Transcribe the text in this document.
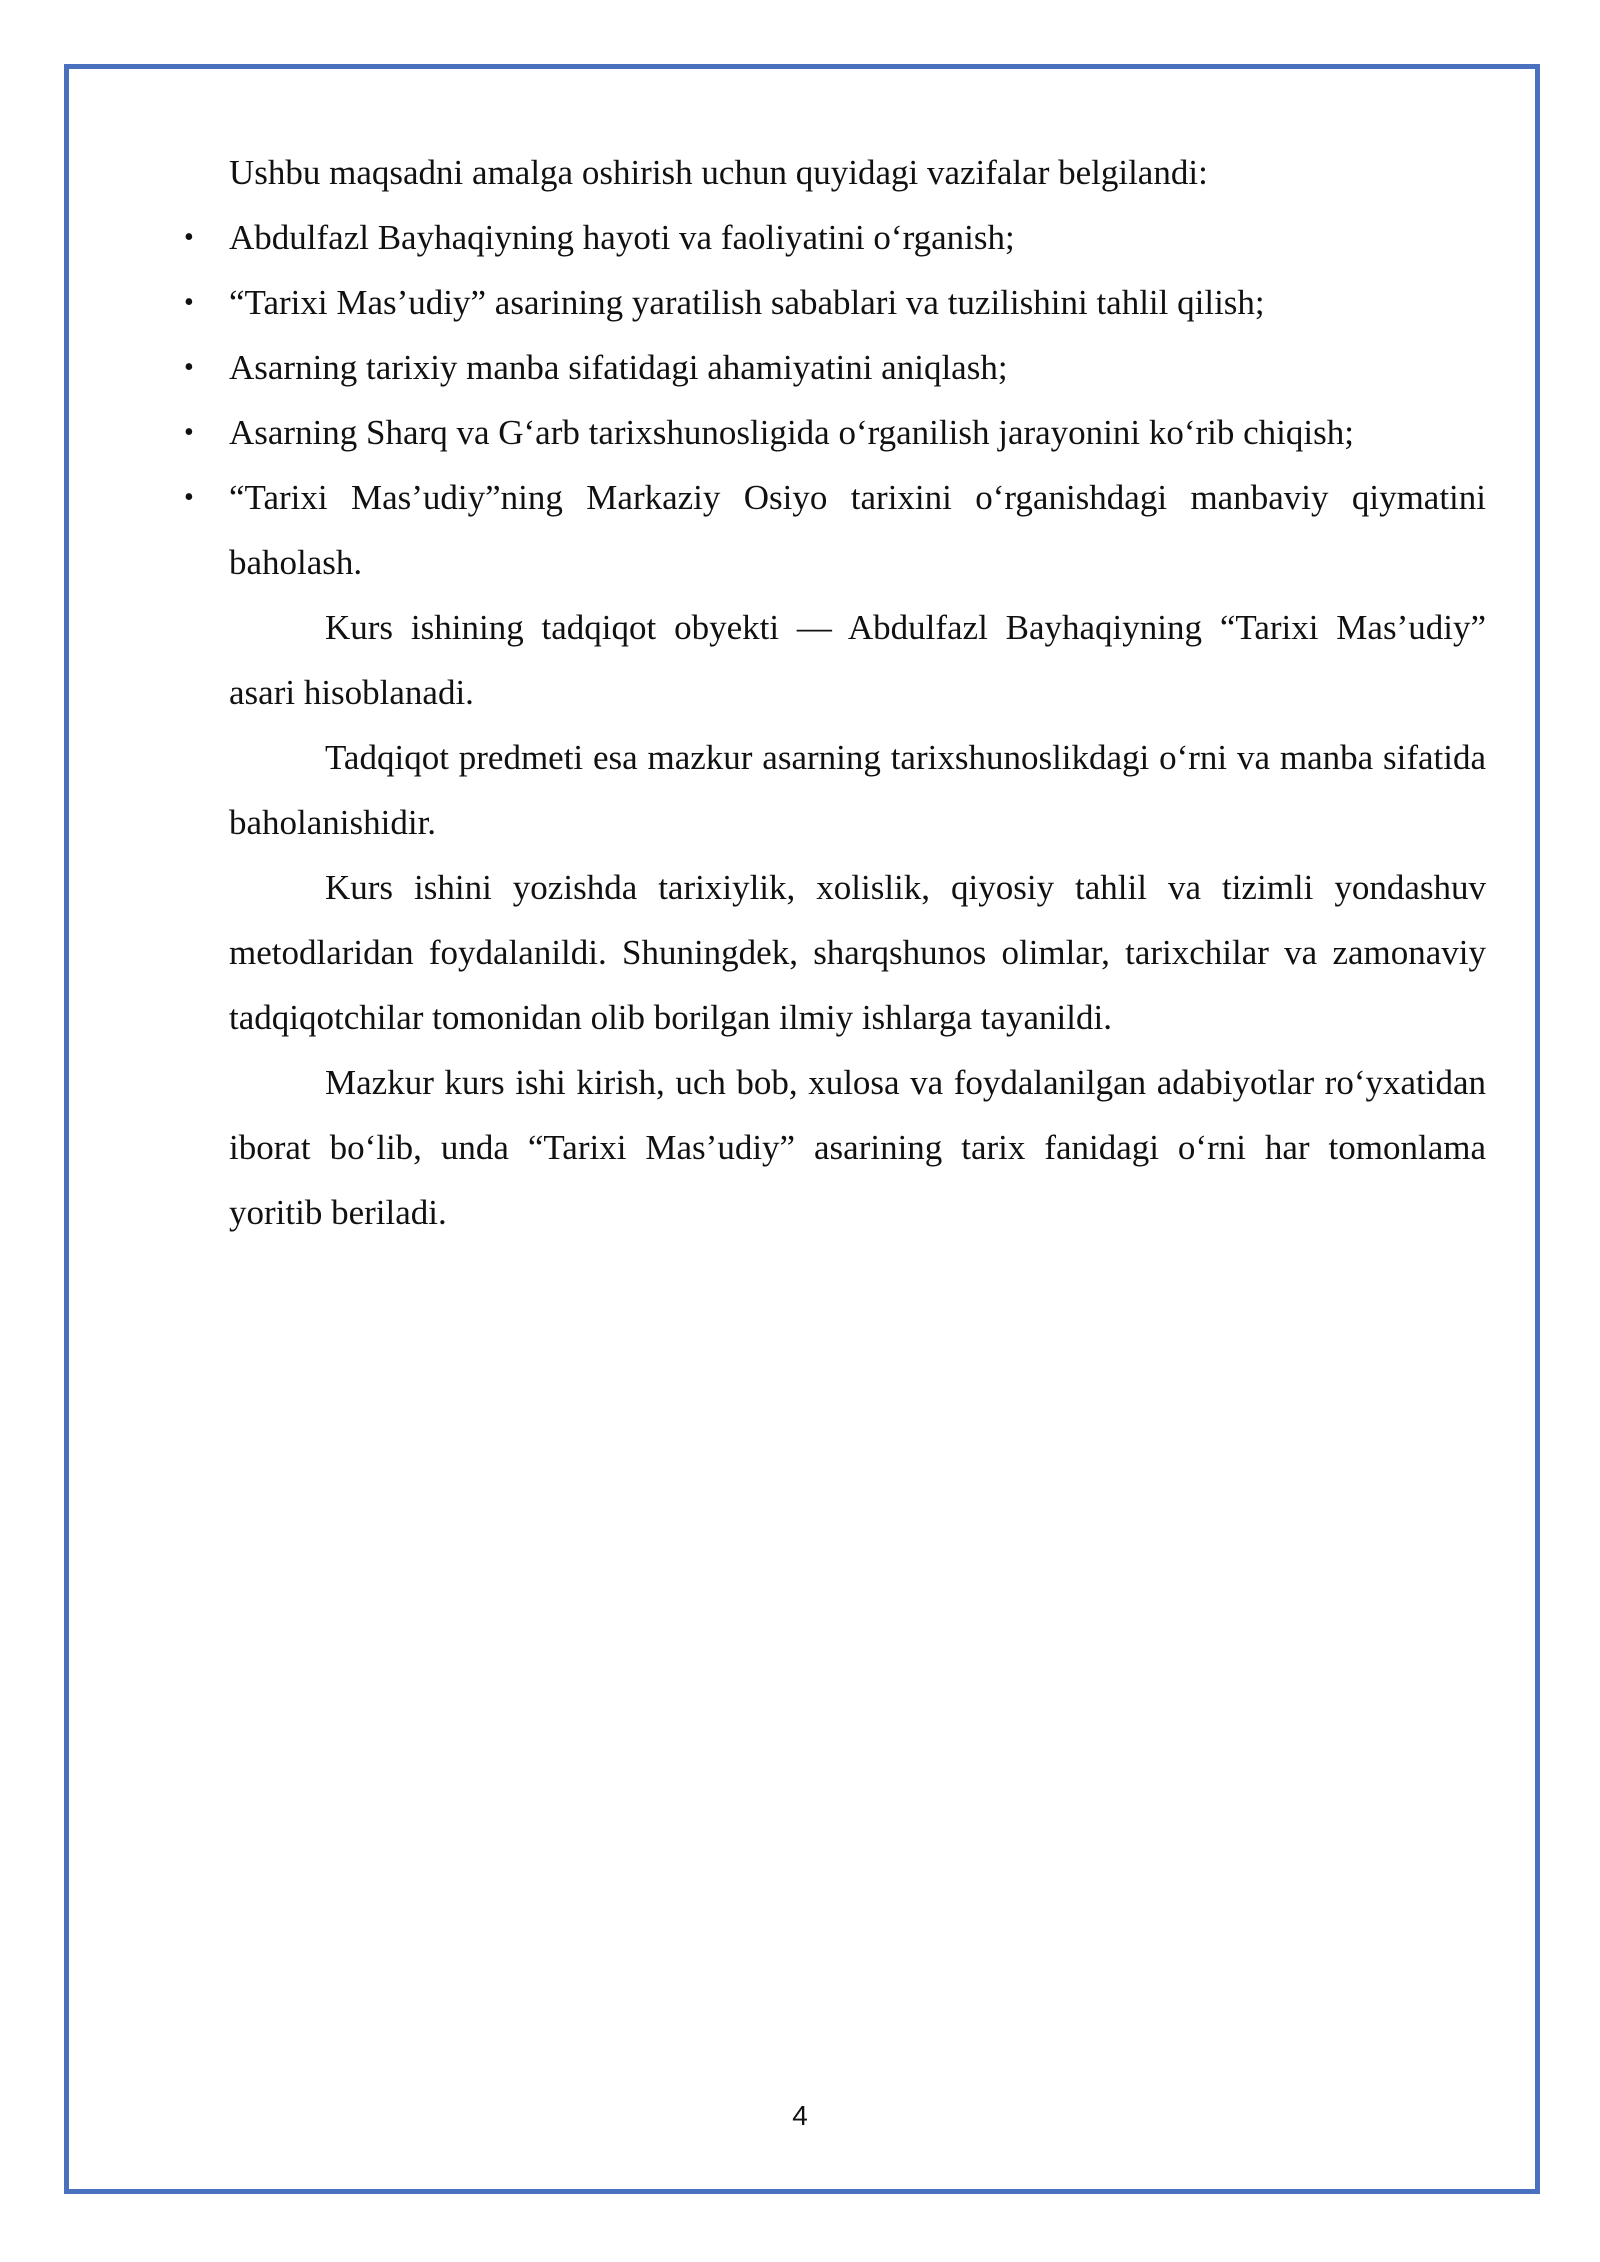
Ushbu maqsadni amalga oshirish uchun quyidagi vazifalar belgilandi:

• Abdulfazl Bayhaqiyning hayoti va faoliyatini o‘rganish;
• “Tarixi Mas’udiy” asarining yaratilish sabablari va tuzilishini tahlil qilish;
• Asarning tarixiy manba sifatidagi ahamiyatini aniqlash;
• Asarning Sharq va G‘arb tarixshunosligida o‘rganilish jarayonini ko‘rib chiqish;
• “Tarixi Mas’udiy”ning Markaziy Osiyo tarixini o‘rganishdagi manbaviy qiymatini baholash.

Kurs ishining tadqiqot obyekti — Abdulfazl Bayhaqiyning “Tarixi Mas’udiy” asari hisoblanadi.

Tadqiqot predmeti esa mazkur asarning tarixshunoslikdagi o‘rni va manba sifatida baholanishidir.

Kurs ishini yozishda tarixiylik, xolislik, qiyosiy tahlil va tizimli yondashuv metodlaridan foydalanildi. Shuningdek, sharqshunos olimlar, tarixchilar va zamonaviy tadqiqotchilar tomonidan olib borilgan ilmiy ishlarga tayanildi.

Mazkur kurs ishi kirish, uch bob, xulosa va foydalanilgan adabiyotlar ro‘yxatidan iborat bo‘lib, unda “Tarixi Mas’udiy” asarining tarix fanidagi o‘rni har tomonlama yoritib beriladi.

4
